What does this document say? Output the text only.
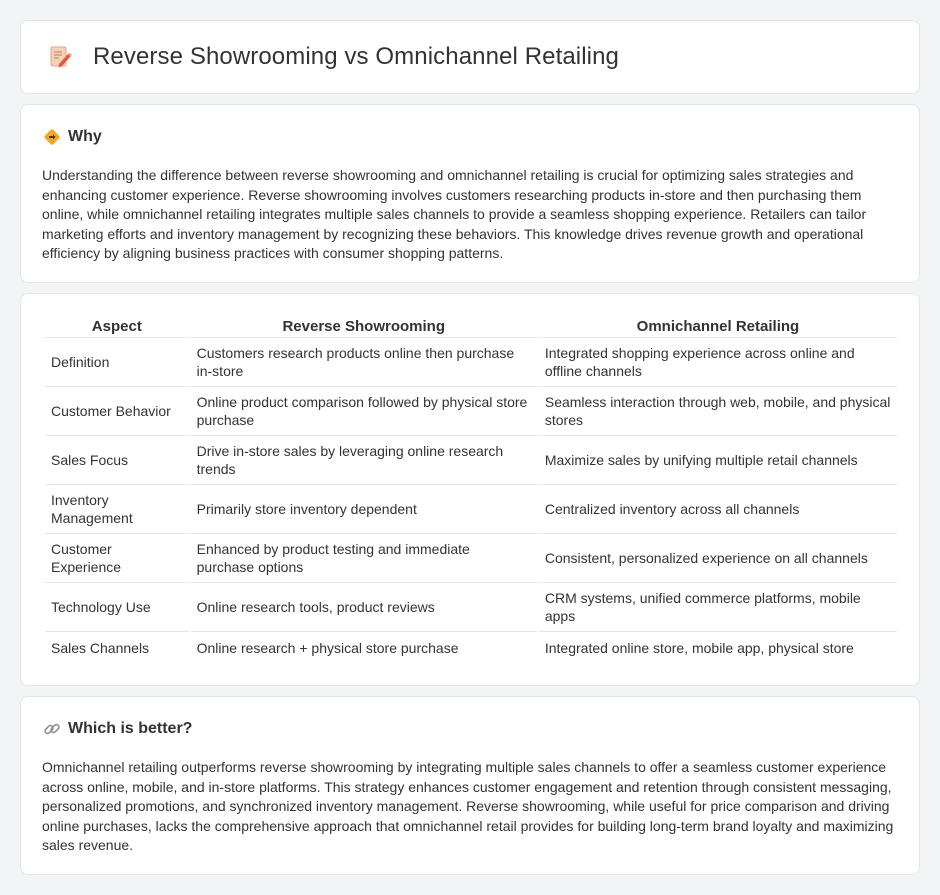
Reverse Showrooming vs Omnichannel Retailing
Why

Understanding the difference between reverse showrooming and omnichannel retailing is crucial for optimizing sales strategies and enhancing customer experience. Reverse showrooming involves customers researching products in-store and then purchasing them online, while omnichannel retailing integrates multiple sales channels to provide a seamless shopping experience. Retailers can tailor marketing efforts and inventory management by recognizing these behaviors. This knowledge drives revenue growth and operational efficiency by aligning business practices with consumer shopping patterns.

Aspect	Reverse Showrooming	Omnichannel Retailing
Definition	Customers research products online then purchase in-store	Integrated shopping experience across online and offline channels
Customer Behavior	Online product comparison followed by physical store purchase	Seamless interaction through web, mobile, and physical stores
Sales Focus	Drive in-store sales by leveraging online research trends	Maximize sales by unifying multiple retail channels
Inventory Management	Primarily store inventory dependent	Centralized inventory across all channels
Customer Experience	Enhanced by product testing and immediate purchase options	Consistent, personalized experience on all channels
Technology Use	Online research tools, product reviews	CRM systems, unified commerce platforms, mobile apps
Sales Channels	Online research + physical store purchase	Integrated online store, mobile app, physical store
Which is better?

Omnichannel retailing outperforms reverse showrooming by integrating multiple sales channels to offer a seamless customer experience across online, mobile, and in-store platforms. This strategy enhances customer engagement and retention through consistent messaging, personalized promotions, and synchronized inventory management. Reverse showrooming, while useful for price comparison and driving online purchases, lacks the comprehensive approach that omnichannel retail provides for building long-term brand loyalty and maximizing sales revenue.
